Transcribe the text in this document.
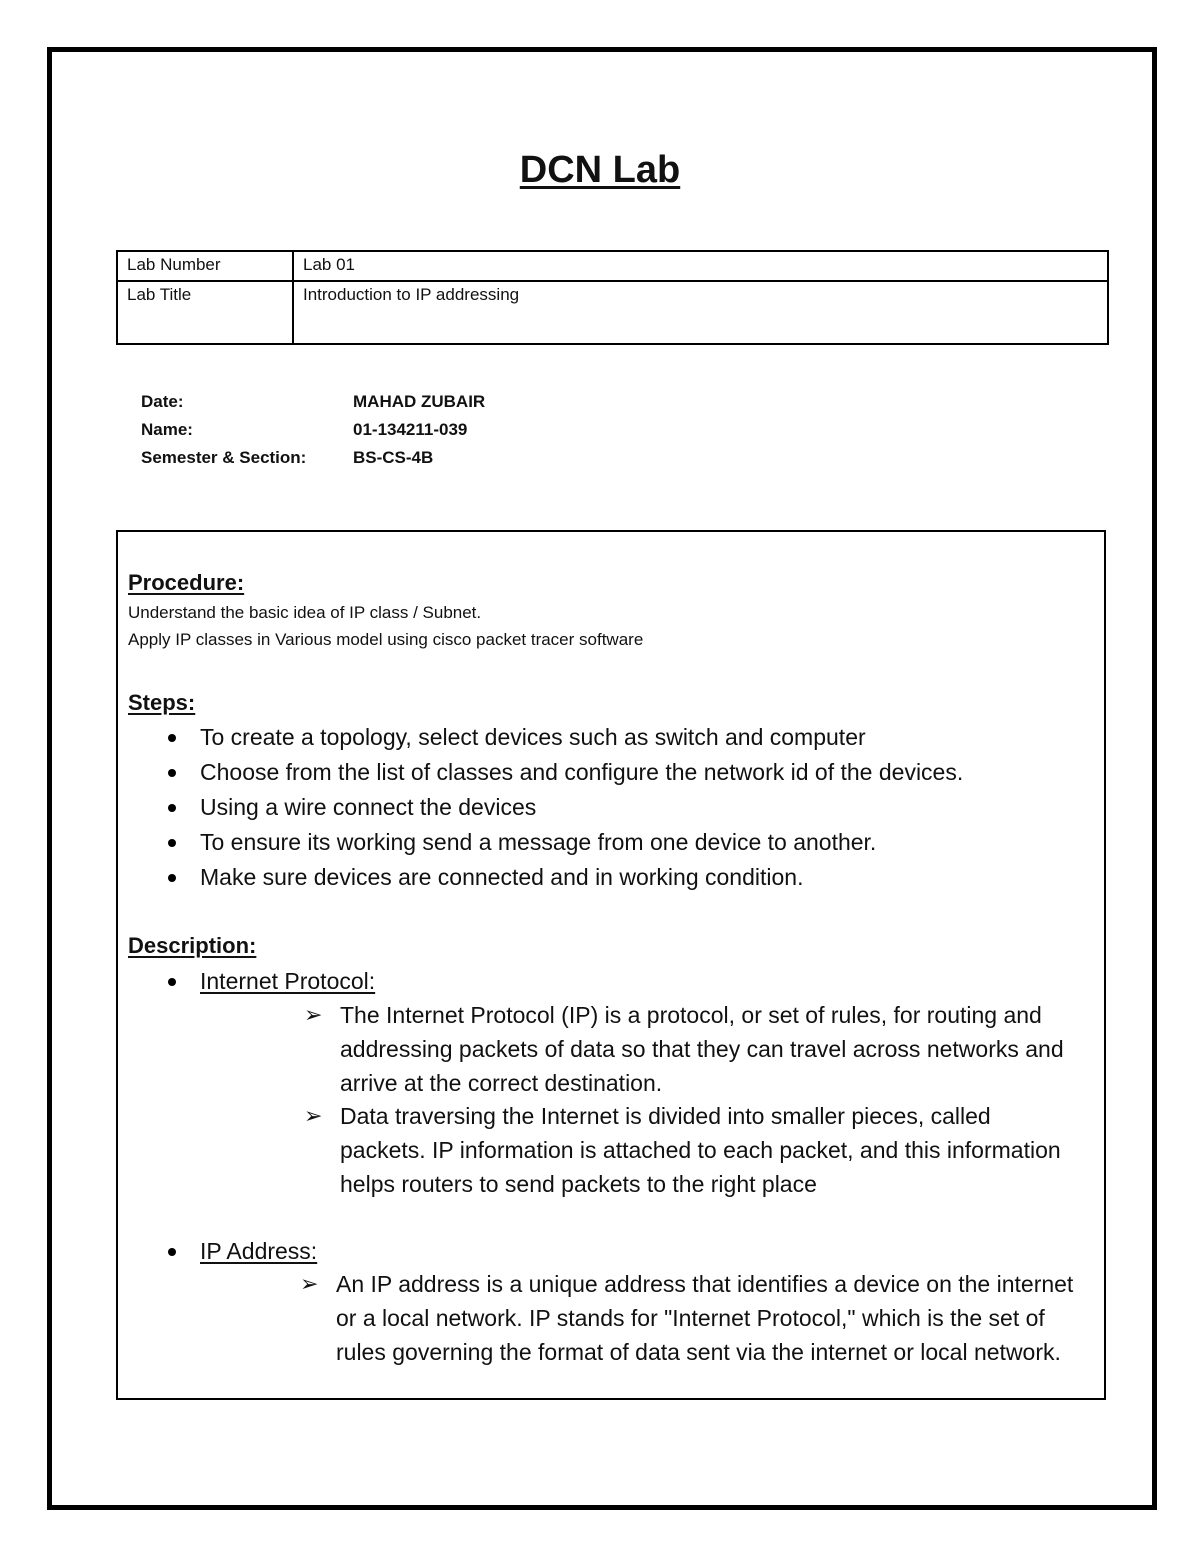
DCN Lab
Lab Number	Lab 01
Lab Title	Introduction to IP addressing
Date:	MAHAD ZUBAIR
Name:	01-134211-039
Semester & Section:	BS-CS-4B
Procedure:
Understand the basic idea of IP class / Subnet.
Apply IP classes in Various model using cisco packet tracer software
Steps:
To create a topology, select devices such as switch and computer
Choose from the list of classes and configure the network id of the devices.
Using a wire connect the devices
To ensure its working send a message from one device to another.
Make sure devices are connected and in working condition.
Description:
Internet Protocol:
➢ The Internet Protocol (IP) is a protocol, or set of rules, for routing and addressing packets of data so that they can travel across networks and arrive at the correct destination.
➢ Data traversing the Internet is divided into smaller pieces, called packets. IP information is attached to each packet, and this information helps routers to send packets to the right place
IP Address:
➢ An IP address is a unique address that identifies a device on the internet or a local network. IP stands for "Internet Protocol," which is the set of rules governing the format of data sent via the internet or local network.
